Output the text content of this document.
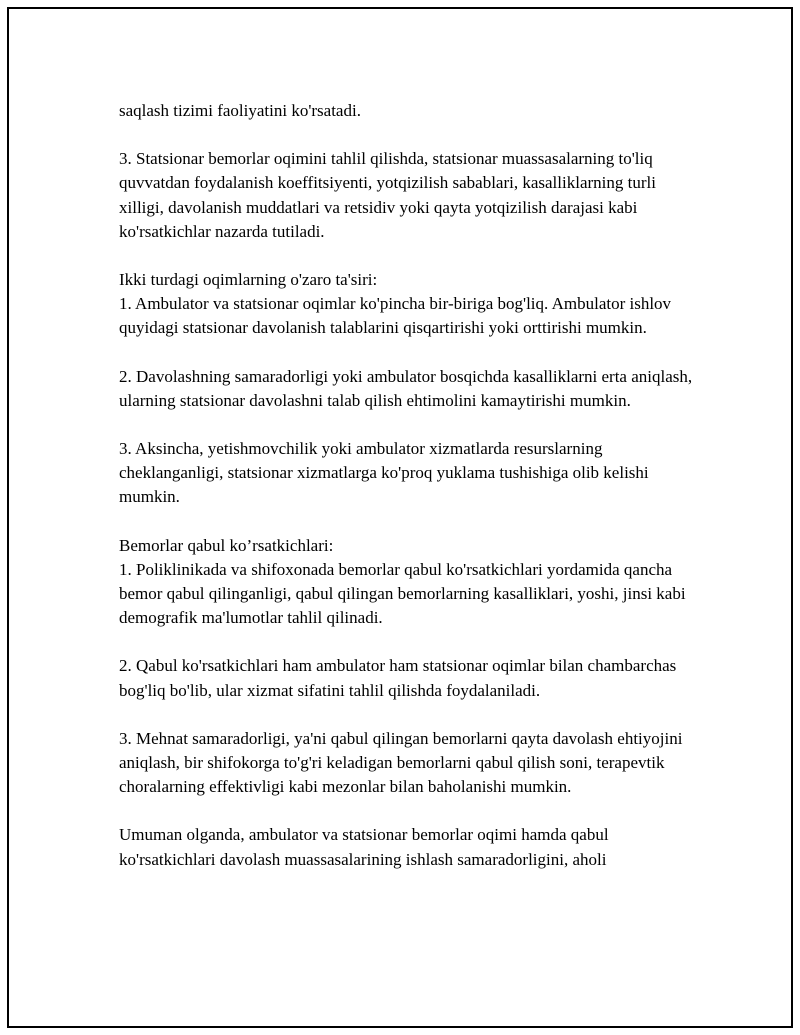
saqlash tizimi faoliyatini ko'rsatadi.

3. Statsionar bemorlar oqimini tahlil qilishda, statsionar muassasalarning to'liq quvvatdan foydalanish koeffitsiyenti, yotqizilish sabablari, kasalliklarning turli xilligi, davolanish muddatlari va retsidiv yoki qayta yotqizilish darajasi kabi ko'rsatkichlar nazarda tutiladi.

Ikki turdagi oqimlarning o'zaro ta'siri:
1. Ambulator va statsionar oqimlar ko'pincha bir-biriga bog'liq. Ambulator ishlov quyidagi statsionar davolanish talablarini qisqartirishi yoki orttirishi mumkin.

2. Davolashning samaradorligi yoki ambulator bosqichda kasalliklarni erta aniqlash, ularning statsionar davolashni talab qilish ehtimolini kamaytirishi mumkin.

3. Aksincha, yetishmovchilik yoki ambulator xizmatlarda resurslarning cheklanganligi, statsionar xizmatlarga ko'proq yuklama tushishiga olib kelishi mumkin.

Bemorlar qabul ko’rsatkichlari:
1. Poliklinikada va shifoxonada bemorlar qabul ko'rsatkichlari yordamida qancha bemor qabul qilinganligi, qabul qilingan bemorlarning kasalliklari, yoshi, jinsi kabi demografik ma'lumotlar tahlil qilinadi.

2. Qabul ko'rsatkichlari ham ambulator ham statsionar oqimlar bilan chambarchas bog'liq bo'lib, ular xizmat sifatini tahlil qilishda foydalaniladi.

3. Mehnat samaradorligi, ya'ni qabul qilingan bemorlarni qayta davolash ehtiyojini aniqlash, bir shifokorga to'g'ri keladigan bemorlarni qabul qilish soni, terapevtik choralarning effektivligi kabi mezonlar bilan baholanishi mumkin.

Umuman olganda, ambulator va statsionar bemorlar oqimi hamda qabul ko'rsatkichlari davolash muassasalarining ishlash samaradorligini, aholi
